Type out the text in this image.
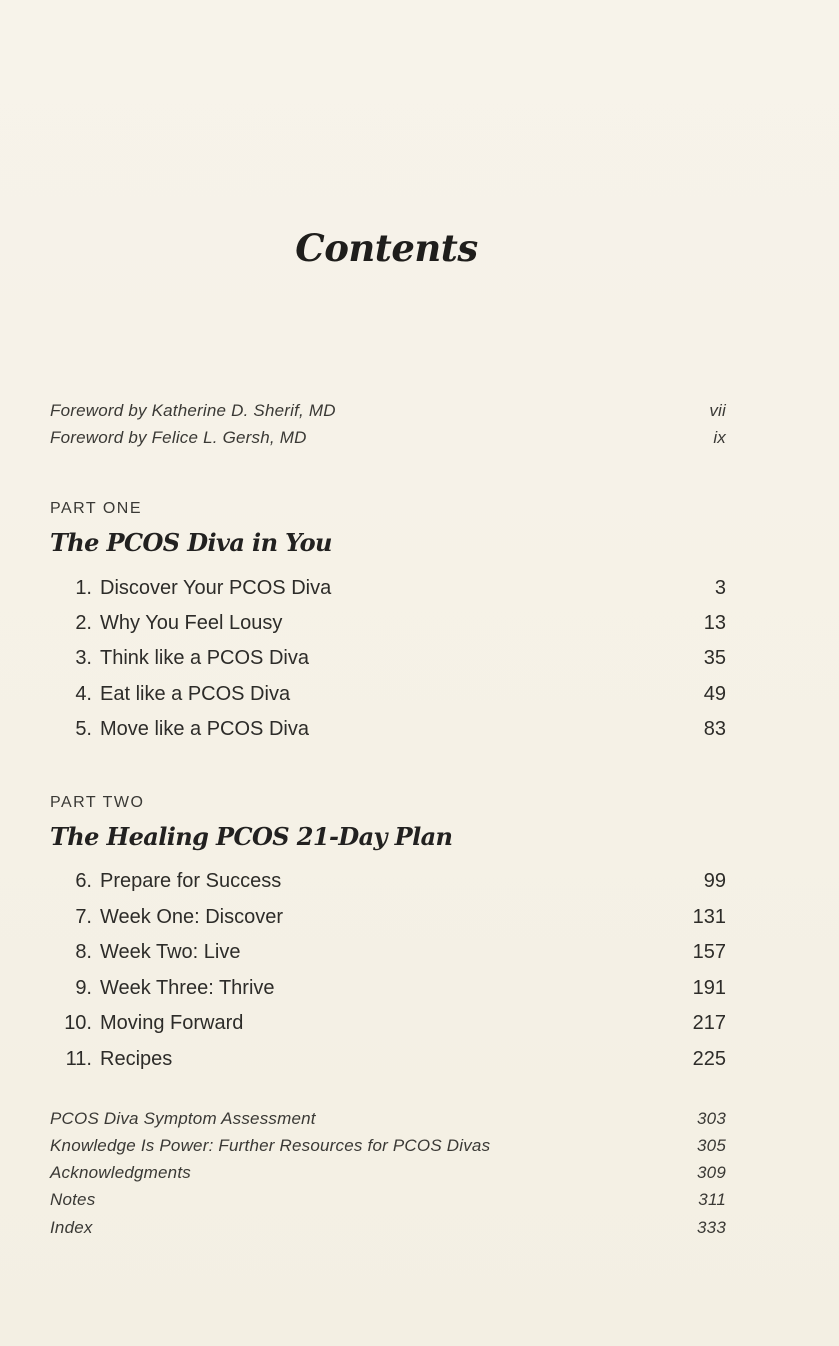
Contents
Foreword by Katherine D. Sherif, MD	vii
Foreword by Felice L. Gersh, MD	ix
PART ONE
The PCOS Diva in You
1. Discover Your PCOS Diva	3
2. Why You Feel Lousy	13
3. Think like a PCOS Diva	35
4. Eat like a PCOS Diva	49
5. Move like a PCOS Diva	83
PART TWO
The Healing PCOS 21-Day Plan
6. Prepare for Success	99
7. Week One: Discover	131
8. Week Two: Live	157
9. Week Three: Thrive	191
10. Moving Forward	217
11. Recipes	225
PCOS Diva Symptom Assessment	303
Knowledge Is Power: Further Resources for PCOS Divas	305
Acknowledgments	309
Notes	311
Index	333
